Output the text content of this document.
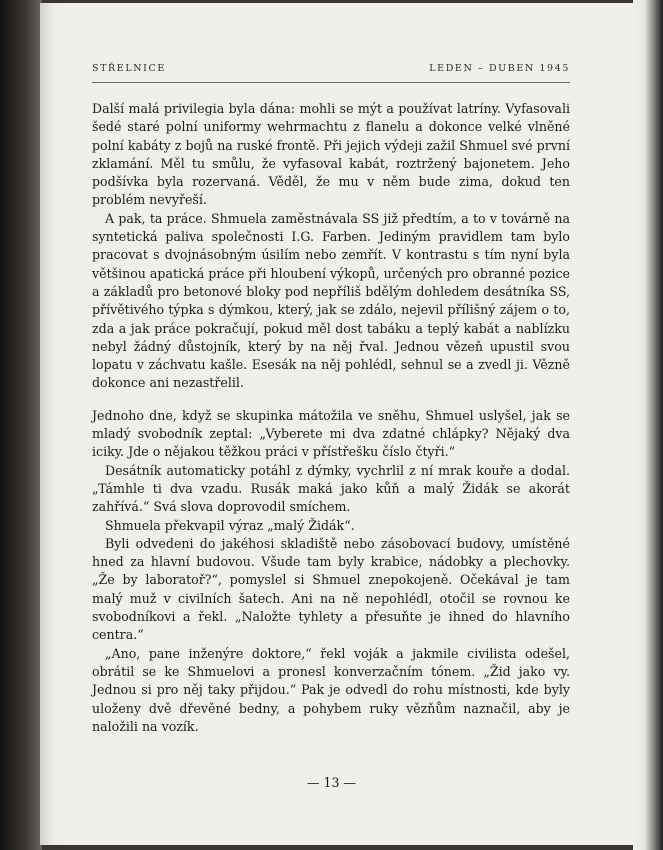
STŘELNICE	LEDEN – DUBEN 1945

Další malá privilegia byla dána: mohli se mýt a používat latríny. Vyfasovali šedé staré polní uniformy wehrmachtu z flanelu a dokonce velké vlněné polní kabáty z bojů na ruské frontě. Při jejich výdeji zažil Shmuel své první zklamání. Měl tu smůlu, že vyfasoval kabát, roztržený bajonetem. Jeho podšívka byla rozervaná. Věděl, že mu v něm bude zima, dokud ten problém nevyřeší.

A pak, ta práce. Shmuela zaměstnávala SS již předtím, a to v továrně na syntetická paliva společnosti I.G. Farben. Jediným pravidlem tam bylo pracovat s dvojnásobným úsilím nebo zemřít. V kontrastu s tím nyní byla většinou apatická práce při hloubení výkopů, určených pro obranné pozice a základů pro betonové bloky pod nepříliš bdělým dohledem desátníka SS, přívětivého týpka s dýmkou, který, jak se zdálo, nejevil přílišný zájem o to, zda a jak práce pokračují, pokud měl dost tabáku a teplý kabát a nablízku nebyl žádný důstojník, který by na něj řval. Jednou vězeň upustil svou lopatu v záchvatu kašle. Esesák na něj pohlédl, sehnul se a zvedl ji. Vězně dokonce ani nezastřelil.

Jednoho dne, když se skupinka mátožila ve sněhu, Shmuel uslyšel, jak se mladý svobodník zeptal: „Vyberete mi dva zdatné chlápky? Nějaký dva iciky. Jde o nějakou těžkou práci v přístřešku číslo čtyři.“

Desátník automaticky potáhl z dýmky, vychrlil z ní mrak kouře a dodal. „Támhle ti dva vzadu. Rusák maká jako kůň a malý Židák se akorát zahřívá.“ Svá slova doprovodil smíchem.

Shmuela překvapil výraz „malý Židák“.

Byli odvedeni do jakéhosi skladiště nebo zásobovací budovy, umístěné hned za hlavní budovou. Všude tam byly krabice, nádobky a plechovky. „Že by laboratoř?“, pomyslel si Shmuel znepokojeně. Očekával je tam malý muž v civilních šatech. Ani na ně nepohlédl, otočil se rovnou ke svobodníkovi a řekl. „Naložte tyhlety a přesuňte je ihned do hlavního centra.“

„Ano, pane inženýre doktore,“ řekl voják a jakmile civilista odešel, obrátil se ke Shmuelovi a pronesl konverzačním tónem. „Žid jako vy. Jednou si pro něj taky přijdou.“ Pak je odvedl do rohu místnosti, kde byly uloženy dvě dřevěné bedny, a pohybem ruky vězňům naznačil, aby je naložili na vozík.

— 13 —
